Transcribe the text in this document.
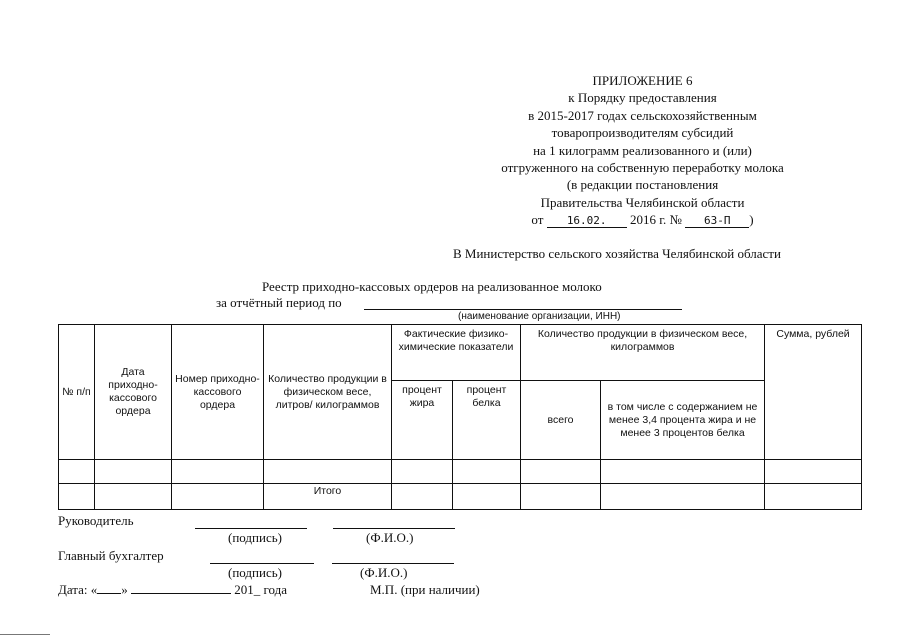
ПРИЛОЖЕНИЕ 6
к Порядку предоставления
в 2015-2017 годах сельскохозяйственным
товаропроизводителям субсидий
на 1 килограмм реализованного и (или)
отгруженного на собственную переработку молока
(в редакции постановления
Правительства Челябинской области
от 16.02. 2016 г. № 63-П )
В Министерство сельского хозяйства Челябинской области
Реестр приходно-кассовых ордеров на реализованное молоко
за отчётный период по
(наименование организации, ИНН)
№ п/п	Дата приходно-кассового ордера	Номер приходно-кассового ордера	Количество продукции в физическом весе, литров/ килограммов	Фактические физико-химические показатели		Количество продукции в физическом весе, килограммов		Сумма, рублей
				процент жира	процент белка	всего	в том числе с содержанием не менее 3,4 процента жира и не менее 3 процентов белка	

			Итого					
Руководитель
(подпись)	(Ф.И.О.)
Главный бухгалтер
(подпись)	(Ф.И.О.)
Дата: « »	201_ года	М.П. (при наличии)
